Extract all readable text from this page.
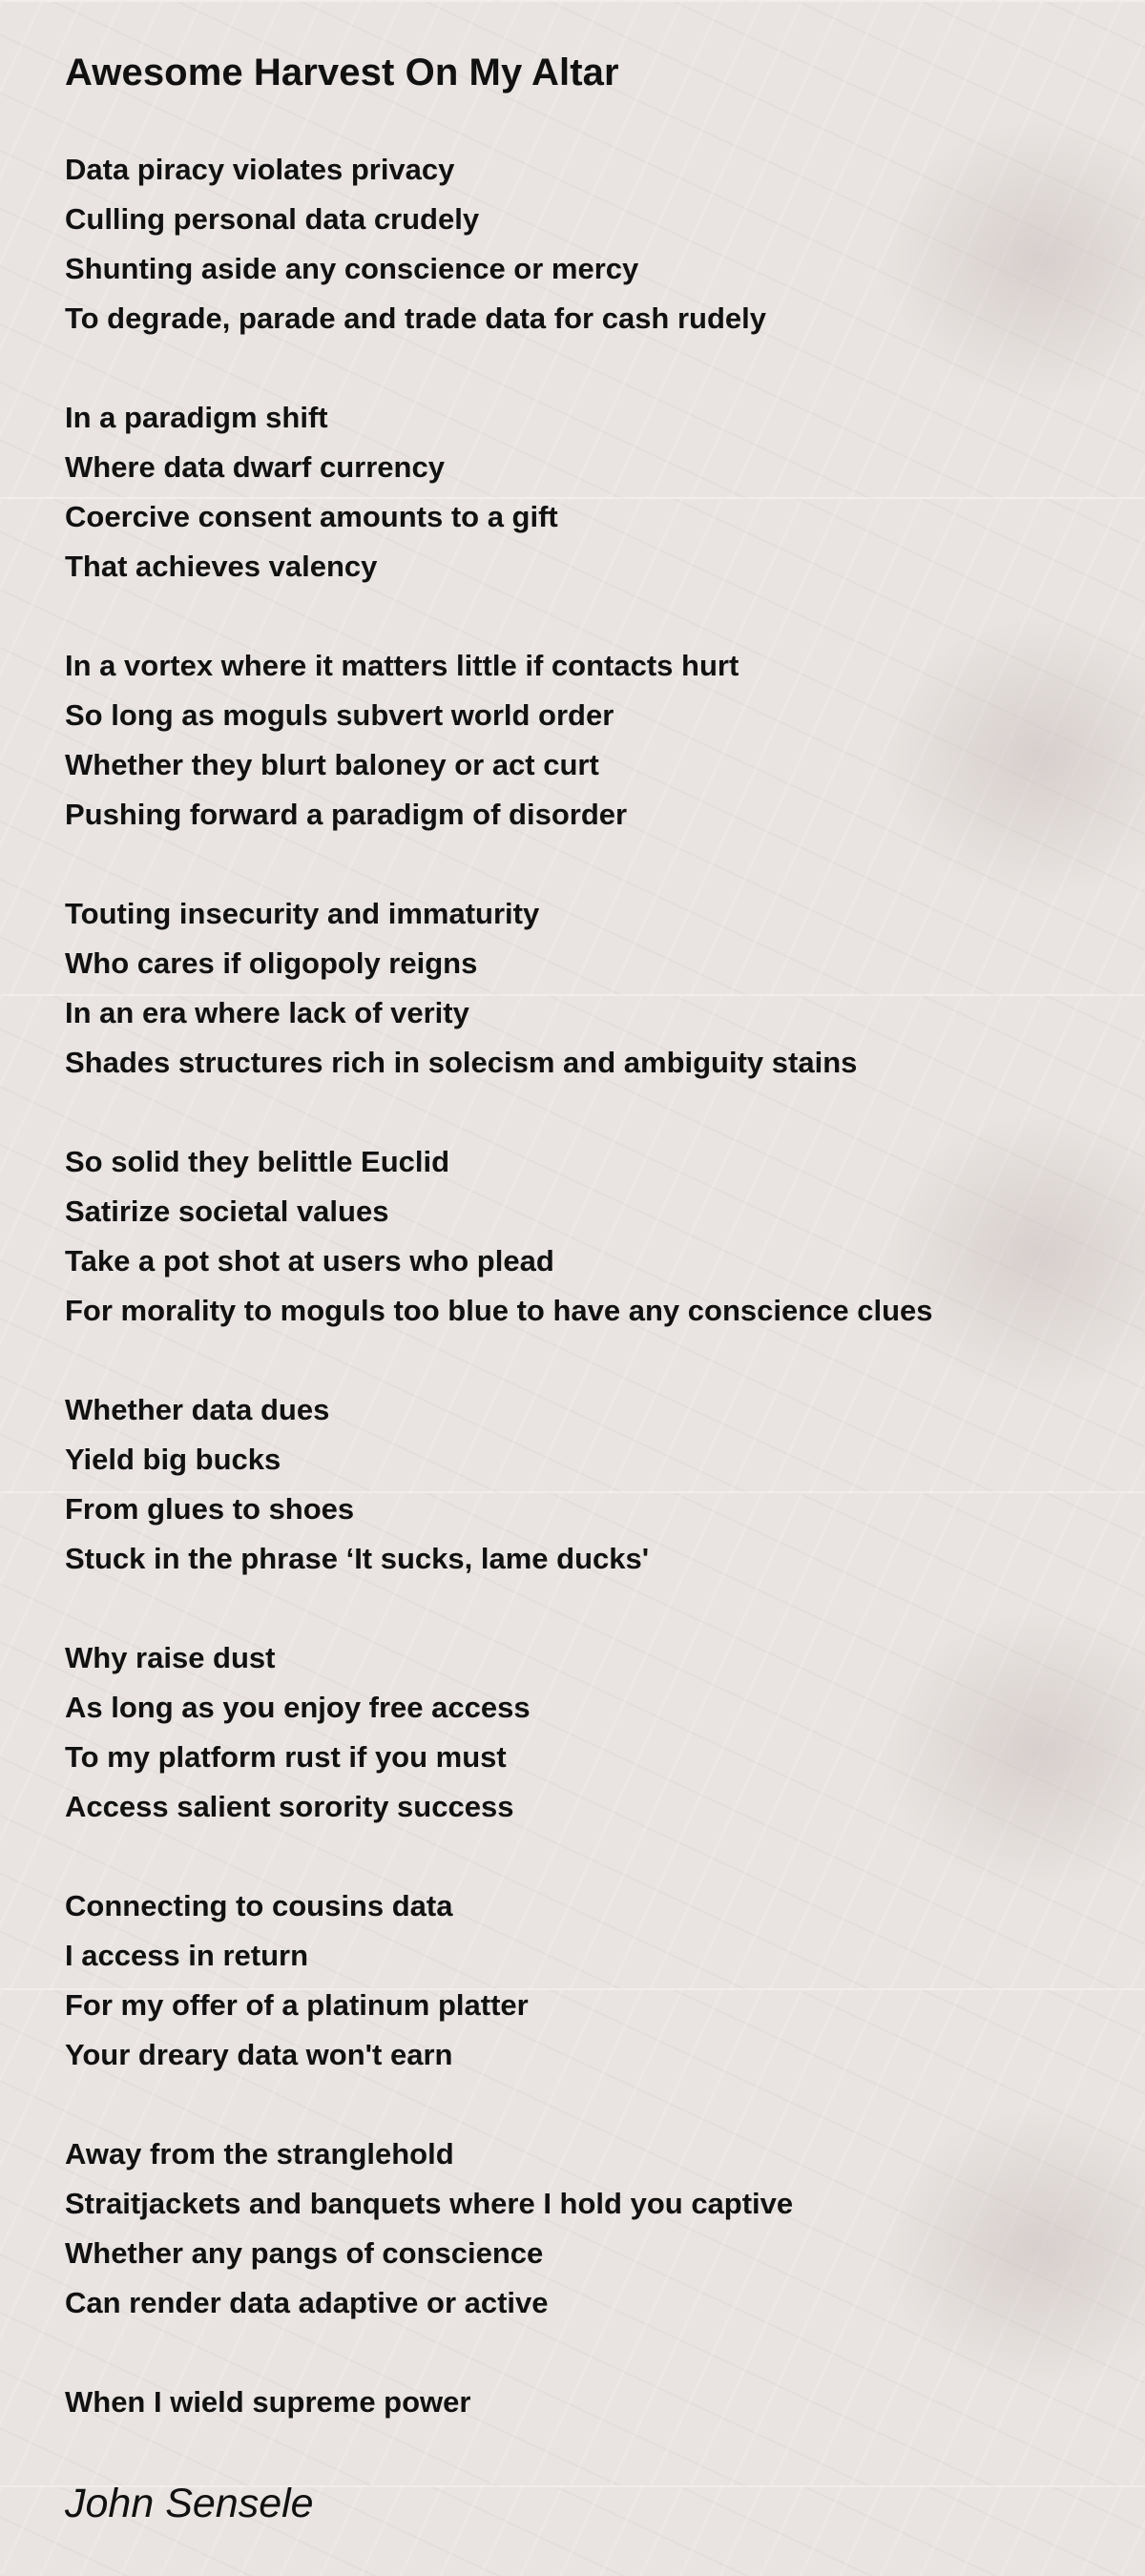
Awesome Harvest On My Altar
Data piracy violates privacy
Culling personal data crudely
Shunting aside any conscience or mercy
To degrade, parade and trade data for cash rudely
In a paradigm shift
Where data dwarf currency
Coercive consent amounts to a gift
That achieves valency
In a vortex where it matters little if contacts hurt
So long as moguls subvert world order
Whether they blurt baloney or act curt
Pushing forward a paradigm of disorder
Touting insecurity and immaturity
Who cares if oligopoly reigns
In an era where lack of verity
Shades structures rich in solecism and ambiguity stains
So solid they belittle Euclid
Satirize societal values
Take a pot shot at users who plead
For morality to moguls too blue to have any conscience clues
Whether data dues
Yield big bucks
From glues to shoes
Stuck in the phrase ‘It sucks, lame ducks'
Why raise dust
As long as you enjoy free access
To my platform rust if you must
Access salient sorority success
Connecting to cousins data
I access in return
For my offer of a platinum platter
Your dreary data won't earn
Away from the stranglehold
Straitjackets and banquets where I hold you captive
Whether any pangs of conscience
Can render data adaptive or active
When I wield supreme power
John Sensele
